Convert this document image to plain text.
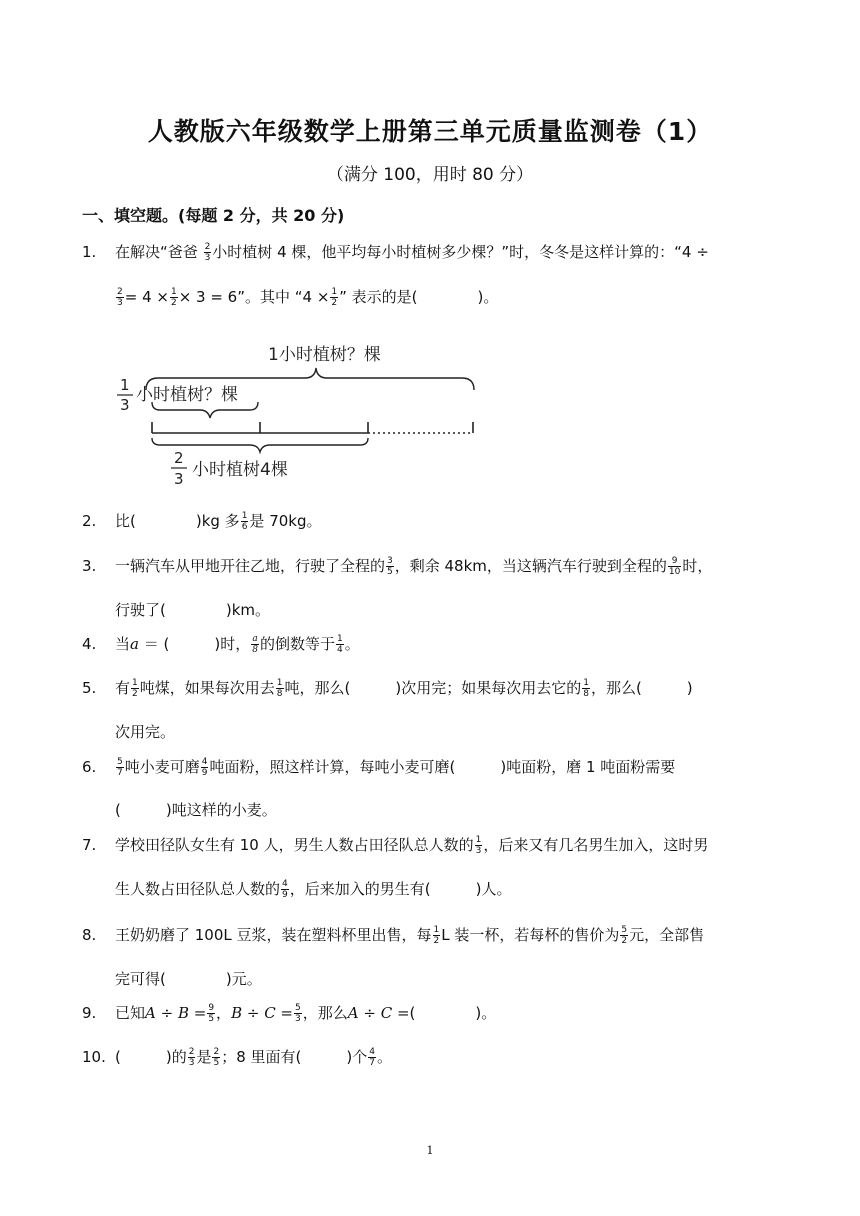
人教版六年级数学上册第三单元质量监测卷（1）
（满分 100，用时 80 分）
一、填空题。(每题 2 分，共 20 分)
1.	在解决“爸爸 $\frac{2}{3}$ 小时植树 4 棵，他平均每小时植树多少棵？”时，冬冬是这样计算的：“4 ÷
$\frac{2}{3} = 4 \times \frac{1}{2} \times 3 = 6$”。其中 “$4 \times \frac{1}{2}$ ” 表示的是(　　　　)。
1小时植树？棵
1
3 小时植树？棵
2
3 小时植树4棵
2.	比(　　　　)kg 多 $\frac{1}{6}$ 是 70kg。
3.	一辆汽车从甲地开往乙地，行驶了全程的 $\frac{3}{5}$ ，剩余 48km，当这辆汽车行驶到全程的 $\frac{9}{10}$ 时，
行驶了(　　　　)km。
4.	当a ＝ (　　　)时， $\frac{a}{8}$ 的倒数等于 $\frac{1}{4}$ 。
5.	有 $\frac{1}{2}$ 吨煤，如果每次用去 $\frac{1}{8}$ 吨，那么(　　　)次用完；如果每次用去它的 $\frac{1}{8}$ ，那么(　　　)
次用完。
6.	$\frac{5}{7}$ 吨小麦可磨 $\frac{4}{9}$ 吨面粉，照这样计算，每吨小麦可磨(　　　)吨面粉，磨 1 吨面粉需要
(　　　)吨这样的小麦。
7.	学校田径队女生有 10 人，男生人数占田径队总人数的 $\frac{1}{3}$ ，后来又有几名男生加入，这时男
生人数占田径队总人数的 $\frac{4}{9}$ ，后来加入的男生有(　　　)人。
8.	王奶奶磨了 100L 豆浆，装在塑料杯里出售，每 $\frac{1}{2}$ L 装一杯，若每杯的售价为 $\frac{5}{2}$ 元，全部售
完可得(　　　　)元。
9.	已知$A \div B = \frac{9}{5}$ ，$B \div C = \frac{5}{3}$ ，那么A ÷ C =(　　　　)。
10. (　　　)的 $\frac{2}{3}$ 是 $\frac{2}{5}$ ；8 里面有(　　　)个 $\frac{4}{7}$ 。
1
